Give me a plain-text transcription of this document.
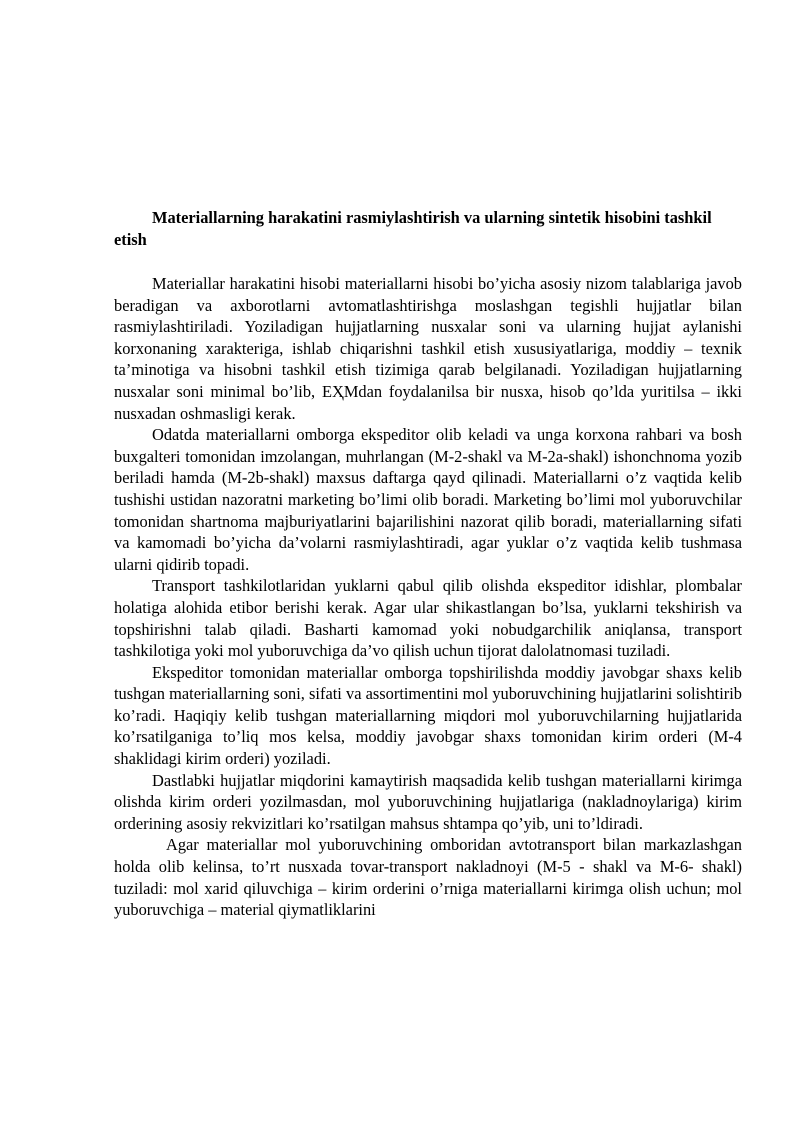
Materiallarning harakatini rasmiylashtirish va ularning sintetik hisobini tashkil etish

Materiallar harakatini hisobi materiallarni hisobi bo’yicha asosiy nizom talablariga javob beradigan va axborotlarni avtomatlashtirishga moslashgan tegishli hujjatlar bilan rasmiylashtiriladi. Yoziladigan hujjatlarning nusxalar soni va ularning hujjat aylanishi korxonaning xarakteriga, ishlab chiqarishni tashkil etish xususiyatlariga, moddiy – texnik ta’minotiga va hisobni tashkil etish tizimiga qarab belgilanadi. Yoziladigan hujjatlarning nusxalar soni minimal bo’lib, EҲMdan foydalanilsa bir nusxa, hisob qo’lda yuritilsa – ikki nusxadan oshmasligi kerak.

Odatda materiallarni omborga ekspeditor olib keladi va unga korxona rahbari va bosh buxgalteri tomonidan imzolangan, muhrlangan (M-2-shakl va M-2a-shakl) ishonchnoma yozib beriladi hamda (M-2b-shakl) maxsus daftarga qayd qilinadi. Materiallarni o’z vaqtida kelib tushishi ustidan nazoratni marketing bo’limi olib boradi. Marketing bo’limi mol yuboruvchilar tomonidan shartnoma majburiyatlarini bajarilishini nazorat qilib boradi, materiallarning sifati va kamomadi bo’yicha da’volarni rasmiylashtiradi, agar yuklar o’z vaqtida kelib tushmasa ularni qidirib topadi.

Transport tashkilotlaridan yuklarni qabul qilib olishda ekspeditor idishlar, plombalar holatiga alohida etibor berishi kerak. Agar ular shikastlangan bo’lsa, yuklarni tekshirish va topshirishni talab qiladi. Basharti kamomad yoki nobudgarchilik aniqlansa, transport tashkilotiga yoki mol yuboruvchiga da’vo qilish uchun tijorat dalolatnomasi tuziladi.

Ekspeditor tomonidan materiallar omborga topshirilishda moddiy javobgar shaxs kelib tushgan materiallarning soni, sifati va assortimentini mol yuboruvchining hujjatlarini solishtirib ko’radi. Haqiqiy kelib tushgan materiallarning miqdori mol yuboruvchilarning hujjatlarida ko’rsatilganiga to’liq mos kelsa, moddiy javobgar shaxs tomonidan kirim orderi (M-4 shaklidagi kirim orderi) yoziladi.

Dastlabki hujjatlar miqdorini kamaytirish maqsadida kelib tushgan materiallarni kirimga olishda kirim orderi yozilmasdan, mol yuboruvchining hujjatlariga (nakladnoylariga) kirim orderining asosiy rekvizitlari ko’rsatilgan mahsus shtampa qo’yib, uni to’ldiradi.

Agar materiallar mol yuboruvchining omboridan avtotransport bilan markazlashgan holda olib kelinsa, to’rt nusxada tovar-transport nakladnoyi (M-5 - shakl va M-6- shakl) tuziladi: mol xarid qiluvchiga – kirim orderini o’rniga materiallarni kirimga olish uchun; mol yuboruvchiga – material qiymatliklarini
